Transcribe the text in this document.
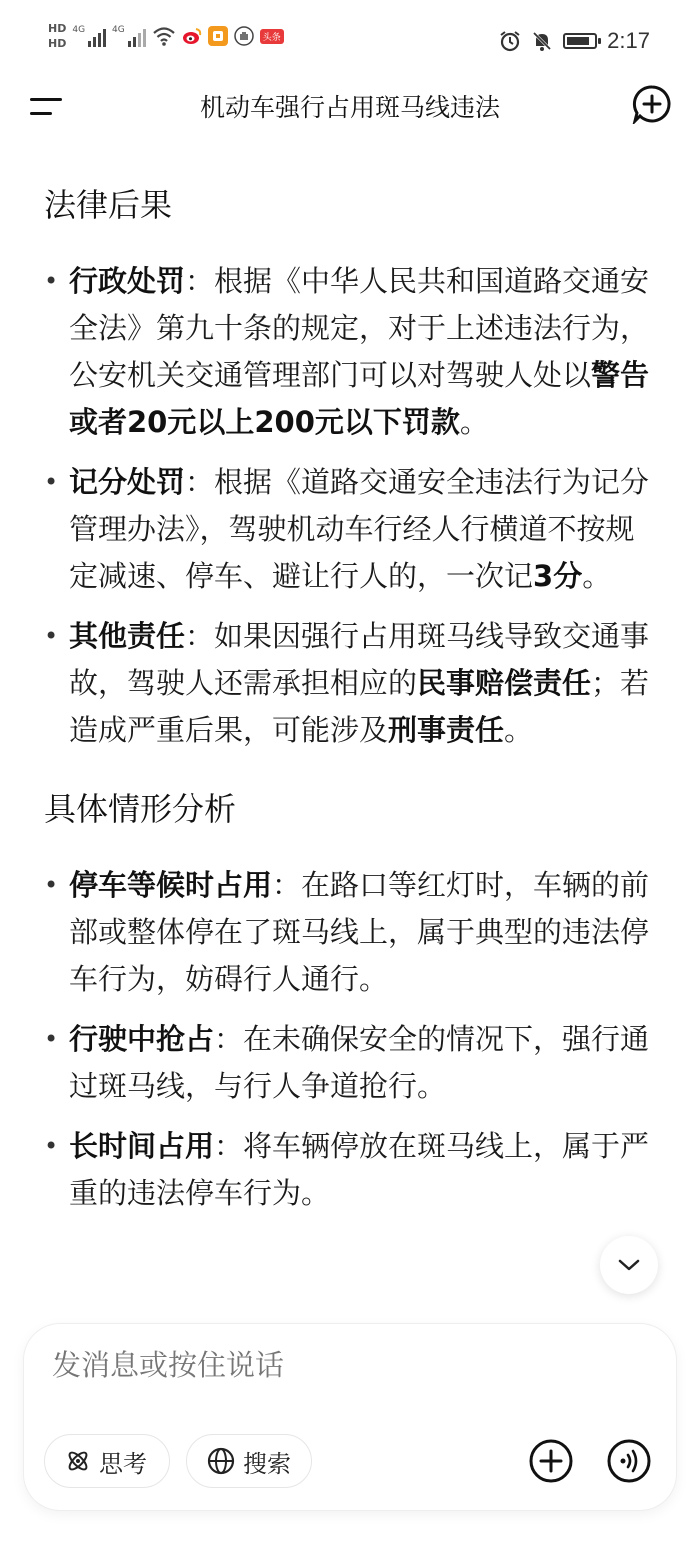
HD
HD
4G	4G
头条	2:17
机动车强行占用斑马线违法
法律后果
• 行政处罚：根据《中华人民共和国道路交通安全法》第九十条的规定，对于上述违法行为，公安机关交通管理部门可以对驾驶人处以警告或者20元以上200元以下罚款。
• 记分处罚：根据《道路交通安全违法行为记分管理办法》，驾驶机动车行经人行横道不按规定减速、停车、避让行人的，一次记3分。
• 其他责任：如果因强行占用斑马线导致交通事故，驾驶人还需承担相应的民事赔偿责任；若造成严重后果，可能涉及刑事责任。
具体情形分析
• 停车等候时占用：在路口等红灯时，车辆的前部或整体停在了斑马线上，属于典型的违法停车行为，妨碍行人通行。
• 行驶中抢占：在未确保安全的情况下，强行通过斑马线，与行人争道抢行。
• 长时间占用：将车辆停放在斑马线上，属于严重的违法停车行为。
发消息或按住说话
思考	搜索
